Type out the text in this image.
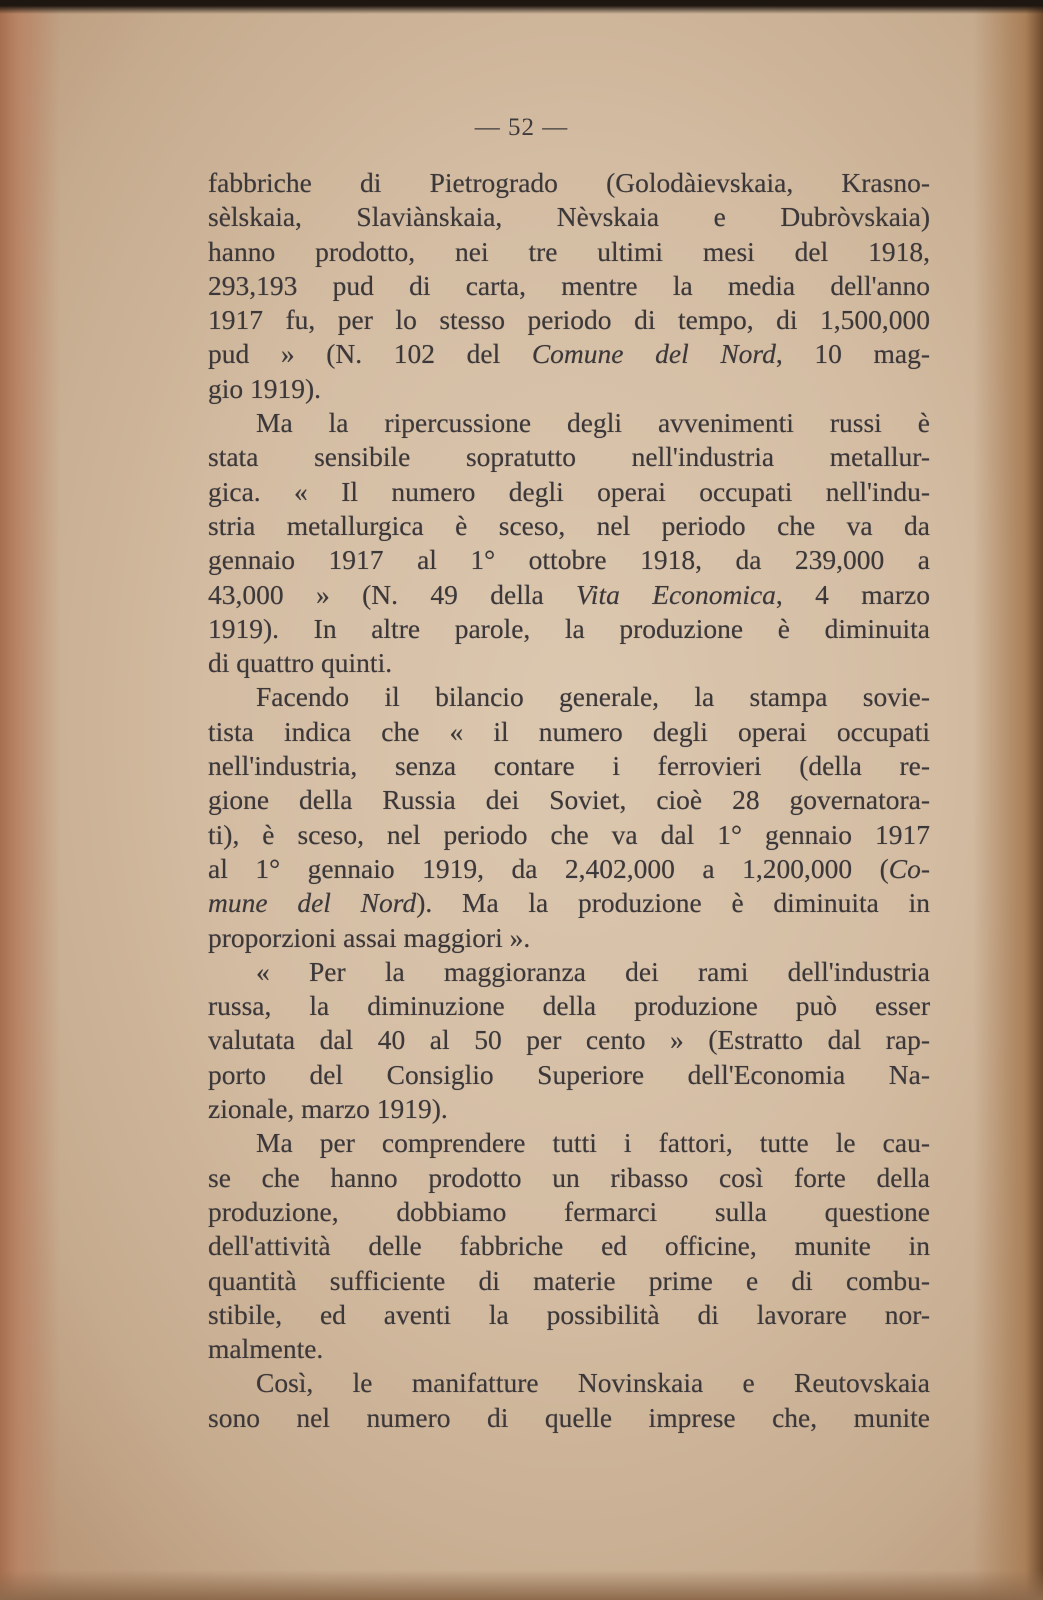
— 52 —
fabbriche di Pietrogrado (Golodàievskaia, Krasno-
sèlskaia, Slaviànskaia, Nèvskaia e Dubròvskaia)
hanno prodotto, nei tre ultimi mesi del 1918,
293,193 pud di carta, mentre la media dell'anno
1917 fu, per lo stesso periodo di tempo, di 1,500,000
pud » (N. 102 del Comune del Nord, 10 mag-
gio 1919).
Ma la ripercussione degli avvenimenti russi è
stata sensibile sopratutto nell'industria metallur-
gica. « Il numero degli operai occupati nell'indu-
stria metallurgica è sceso, nel periodo che va da
gennaio 1917 al 1° ottobre 1918, da 239,000 a
43,000 » (N. 49 della Vita Economica, 4 marzo
1919). In altre parole, la produzione è diminuita
di quattro quinti.
Facendo il bilancio generale, la stampa sovie-
tista indica che « il numero degli operai occupati
nell'industria, senza contare i ferrovieri (della re-
gione della Russia dei Soviet, cioè 28 governatora-
ti), è sceso, nel periodo che va dal 1° gennaio 1917
al 1° gennaio 1919, da 2,402,000 a 1,200,000 (Co-
mune del Nord). Ma la produzione è diminuita in
proporzioni assai maggiori ».
« Per la maggioranza dei rami dell'industria
russa, la diminuzione della produzione può esser
valutata dal 40 al 50 per cento » (Estratto dal rap-
porto del Consiglio Superiore dell'Economia Na-
zionale, marzo 1919).
Ma per comprendere tutti i fattori, tutte le cau-
se che hanno prodotto un ribasso così forte della
produzione, dobbiamo fermarci sulla questione
dell'attività delle fabbriche ed officine, munite in
quantità sufficiente di materie prime e di combu-
stibile, ed aventi la possibilità di lavorare nor-
malmente.
Così, le manifatture Novinskaia e Reutovskaia
sono nel numero di quelle imprese che, munite
